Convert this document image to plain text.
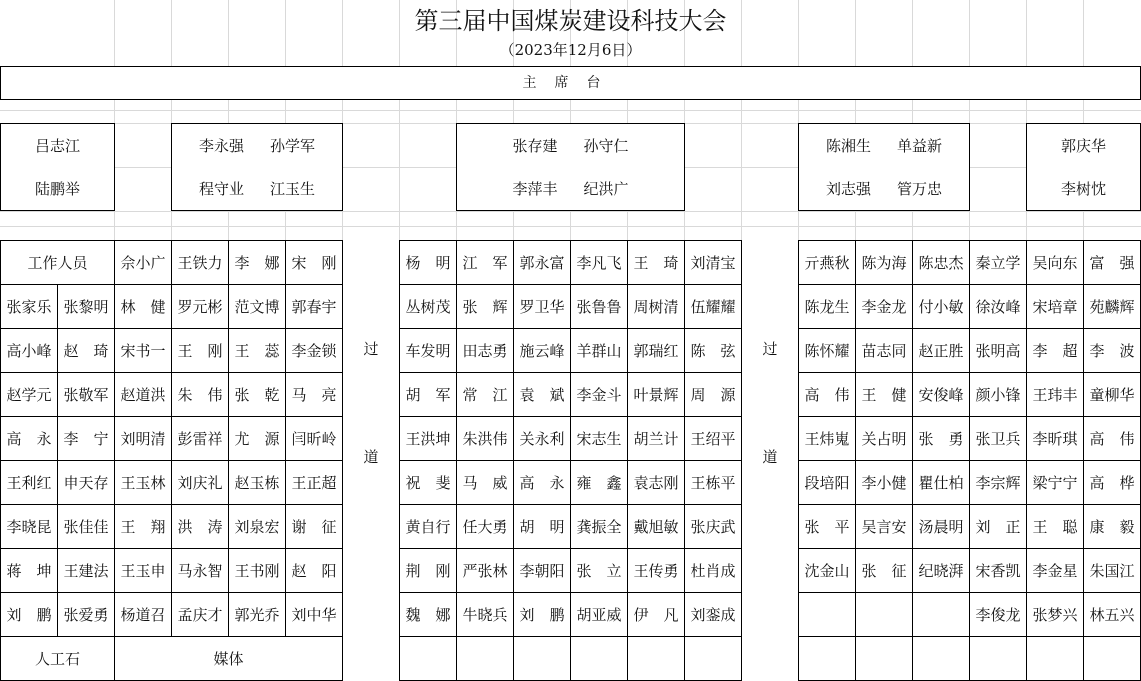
第三届中国煤炭建设科技大会
（2023年12月6日）
主席台
吕志江
陆鹏举
李永强 孙学军
程守业 江玉生
张存建 孙守仁
李萍丰 纪洪广
陈湘生 单益新
刘志强 管万忠
郭庆华
李树忱
工作人员		佘小广	王铁力	李　娜	宋　刚
张家乐	张黎明	林　健	罗元彬	范文博	郭春宇
高小峰	赵　琦	宋书一	王　刚	王　蕊	李金锁
赵学元	张敬军	赵道洪	朱　伟	张　乾	马　亮
高　永	李　宁	刘明清	彭雷祥	尤　源	闫昕岭
王利红	申天存	王玉林	刘庆礼	赵玉栋	王正超
李晓昆	张佳佳	王　翔	洪　涛	刘泉宏	谢　征
蒋　坤	王建法	王玉申	马永智	王书刚	赵　阳
刘　鹏	张爱勇	杨道召	孟庆才	郭光乔	刘中华
人工石		媒体			
过
道
杨　明	江　军	郭永富	李凡飞	王　琦	刘清宝
丛树茂	张　辉	罗卫华	张鲁鲁	周树清	伍耀耀
车发明	田志勇	施云峰	羊群山	郭瑞红	陈　弦
胡　军	常　江	袁　斌	李金斗	叶景辉	周　源
王洪坤	朱洪伟	关永利	宋志生	胡兰计	王绍平
祝　斐	马　威	高　永	雍　鑫	袁志刚	王栋平
黄自行	任大勇	胡　明	龚振全	戴旭敏	张庆武
荆　刚	严张林	李朝阳	张　立	王传勇	杜肖成
魏　娜	牛晓兵	刘　鹏	胡亚威	伊　凡	刘銮成

过
道
亓燕秋	陈为海	陈忠杰	秦立学	吴向东	富　强
陈龙生	李金龙	付小敏	徐汝峰	宋培章	苑麟辉
陈怀耀	苗志同	赵正胜	张明高	李　超	李　波
高　伟	王　健	安俊峰	颜小锋	王玮丰	童柳华
王炜嵬	关占明	张　勇	张卫兵	李昕琪	高　伟
段培阳	李小健	瞿仕柏	李宗辉	梁宁宁	高　桦
张　平	吴言安	汤晨明	刘　正	王　聪	康　毅
沈金山	张　征	纪晓湃	宋香凯	李金星	朱国江
			李俊龙	张梦兴	林五兴
